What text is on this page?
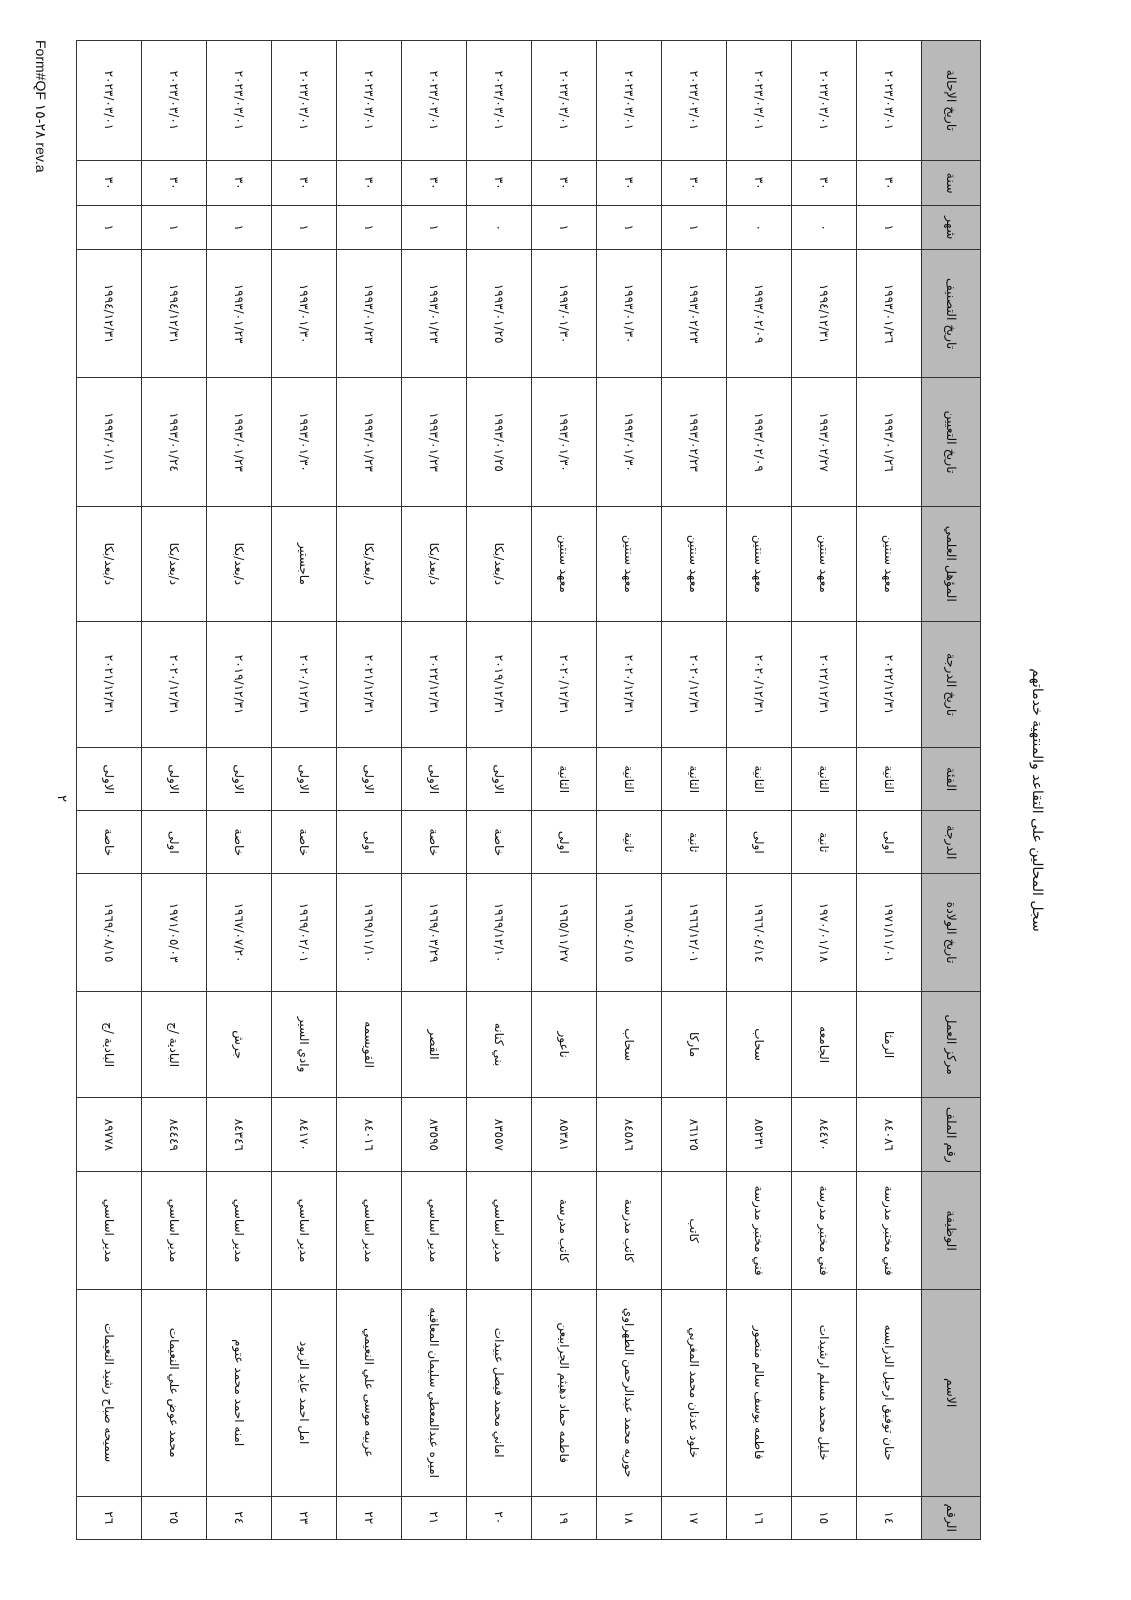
سجل المحالين على التقاعد والمنتهية خدماتهم
الرقم	الاسم	الوظيفة	رقم الملف	مركز العمل	تاريخ الولادة	الدرجة	الفئة	تاريخ الدرجة	المؤهل العلمي	تاريخ التعيين	تاريخ التصنيف	شهر	سنة	تاريخ الإحالة
١٤	حنان توفيق ارحيل الدرابسه	فني مختبر مدرسة	٨٤٠٨٦	الرمثا	١٩٧١/١١/٠١	اولى	الثانية	٢٠٢٢/١٢/٣١	معهد سنتين	١٩٩٣/٠١/٢٦	١٩٩٣/٠١/٢٦	١	٣٠	٢٠٢٣/٠٣/٠١
١٥	خليل محمد مسلم ارشيدات	فني مختبر مدرسة	٨٤٤٧٠	الجامعه	١٩٧٠/٠١/١٨	ثانية	الثانية	٢٠٢٢/١٢/٣١	معهد سنتين	١٩٩٣/٠٢/٢٧	١٩٩٤/١٢/٣١	٠	٣٠	٢٠٢٣/٠٣/٠١
١٦	فاطمه يوسف سالم منصور	فني مختبر مدرسة	٨٥٢٣١	سحاب	١٩٦٦/٠٤/١٤	اولى	الثانية	٢٠٢٠/١٢/٣١	معهد سنتين	١٩٩٣/٠٢/٠٩	١٩٩٣/٠٢/٠٩	٠	٣٠	٢٠٢٣/٠٣/٠١
١٧	خلود عدنان محمد المغربي	كاتب	٨٦١٢٥	ماركا	١٩٦٦/١٢/٠١	ثانية	الثانية	٢٠٢٠/١٢/٣١	معهد سنتين	١٩٩٣/٠٢/٢٣	١٩٩٣/٠٢/٢٣	١	٣٠	٢٠٢٣/٠٣/٠١
١٨	حوريه محمد عبدالرحمن الطهراوي	كاتب مدرسة	٨٤٥٨٦	سحاب	١٩٦٥/٠٤/١٥	ثانية	الثانية	٢٠٢٠/١٢/٣١	معهد سنتين	١٩٩٣/٠١/٣٠	١٩٩٣/٠١/٣٠	١	٣٠	٢٠٢٣/٠٣/٠١
١٩	فاطمه حماد دهيثم الجرابيعن	كاتب مدرسة	٨٥٣٨١	ناعور	١٩٦٥/١١/٢٧	اولى	الثانية	٢٠٢٠/١٢/٣١	معهد سنتين	١٩٩٣/٠١/٣٠	١٩٩٣/٠١/٣٠	١	٣٠	٢٠٢٣/٠٣/٠١
٢٠	اماني محمد فيصل عبيدات	مدير اساسي	٨٣٥٥٧	بني كنانه	١٩٦٩/١٢/١٠	خاصة	الاولى	٢٠١٩/١٢/٣١	د/بعد/بكا	١٩٩٣/٠١/٢٥	١٩٩٣/٠١/٢٥	٠	٣٠	٢٠٢٣/٠٣/٠١
٢١	اميره عبدالمعطي سليمان المعاقبه	مدير اساسي	٨٣٥٩٥	القصر	١٩٦٩/٠٣/٢٩	خاصة	الاولى	٢٠٢٢/١٢/٣١	د/بعد/بكا	١٩٩٣/٠١/٢٣	١٩٩٣/٠١/٢٣	١	٣٠	٢٠٢٣/٠٣/٠١
٢٢	عربيه موسى علي النعيمي	مدير اساسي	٨٤٠١٦	القويسمه	١٩٦٩/١١/١٠	اولى	الاولى	٢٠٢١/١٢/٣١	د/بعد/بكا	١٩٩٣/٠١/٢٣	١٩٩٣/٠١/٢٣	١	٣٠	٢٠٢٣/٠٣/٠١
٢٣	امل احمد عايد الزيود	مدير اساسي	٨٤١٧٠	وادي السير	١٩٦٩/٠٢/٠١	خاصة	الاولى	٢٠٢٠/١٢/٣١	ماجستير	١٩٩٣/٠١/٣٠	١٩٩٣/٠١/٣٠	١	٣٠	٢٠٢٣/٠٣/٠١
٢٤	امنه احمد محمد عتوم	مدير اساسي	٨٤٣٤٦	جرش	١٩٦٧/٠٧/٢٠	خاصة	الاولى	٢٠١٩/١٢/٣١	د/بعد/بكا	١٩٩٣/٠١/٢٣	١٩٩٣/٠١/٢٣	١	٣٠	٢٠٢٣/٠٣/٠١
٢٥	محمد عوض علي النعيمات	مدير اساسي	٨٤٤٤٩	البادية /ج	١٩٧١/٠٥/٠٣	اولى	الاولى	٢٠٢٠/١٢/٣١	د/بعد/بكا	١٩٩٣/٠١/٢٤	١٩٩٤/١٢/٣١	١	٣٠	٢٠٢٣/٠٣/٠١
٢٦	سميحه صباح رشيد النعيمات	مدير اساسي	٨٩٧٧٨	البادية /ج	١٩٦٩/٠٨/١٥	خاصة	الاولى	٢٠٢١/١٢/٣١	د/بعد/بكا	١٩٩٣/٠١/١١	١٩٩٤/١٢/٣١	١	٣٠	٢٠٢٣/٠٣/٠١
٢
Form#QF ٢٨-١٥ rev.a
